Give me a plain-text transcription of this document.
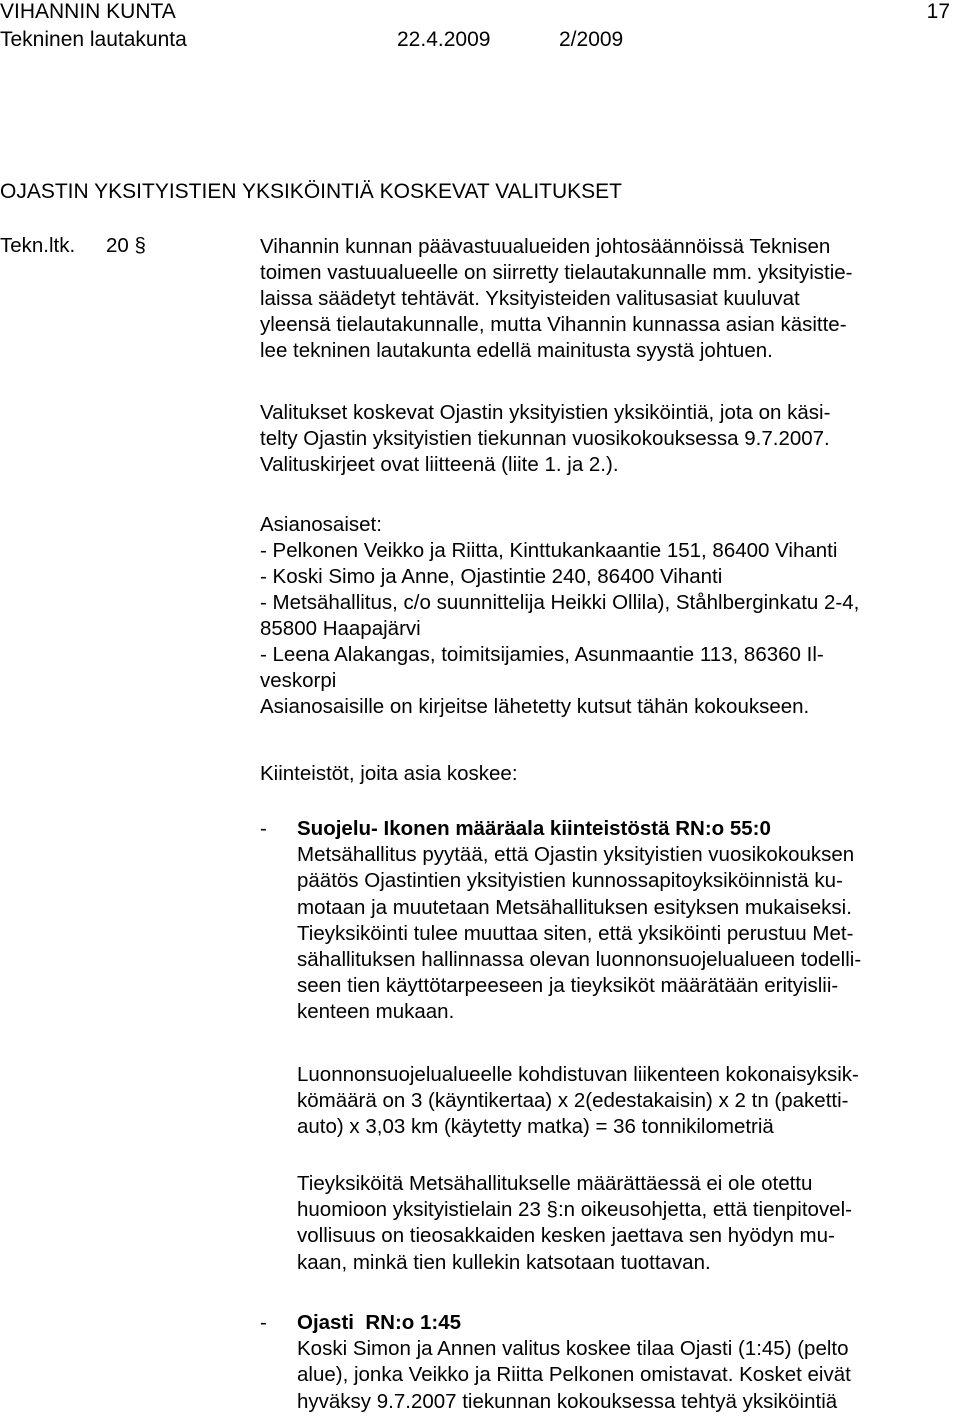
VIHANNIN KUNTA	17
Tekninen lautakunta	22.4.2009	2/2009
OJASTIN YKSITYISTIEN YKSIKÖINTIÄ KOSKEVAT VALITUKSET
Tekn.ltk. 20 §	Vihannin kunnan päävastuualueiden johtosäännöissä Teknisen
toimen vastuualueelle on siirretty tielautakunnalle mm. yksityistie-
laissa säädetyt tehtävät. Yksityisteiden valitusasiat kuuluvat
yleensä tielautakunnalle, mutta Vihannin kunnassa asian käsitte-
lee tekninen lautakunta edellä mainitusta syystä johtuen.
Valitukset koskevat Ojastin yksityistien yksiköintiä, jota on käsi-
telty Ojastin yksityistien tiekunnan vuosikokouksessa 9.7.2007.
Valituskirjeet ovat liitteenä (liite 1. ja 2.).
Asianosaiset:
- Pelkonen Veikko ja Riitta, Kinttukankaantie 151, 86400 Vihanti
- Koski Simo ja Anne, Ojastintie 240, 86400 Vihanti
- Metsähallitus, c/o suunnittelija Heikki Ollila), Ståhlberginkatu 2-4,
85800 Haapajärvi
- Leena Alakangas, toimitsijamies, Asunmaantie 113, 86360 Il-
veskorpi
Asianosaisille on kirjeitse lähetetty kutsut tähän kokoukseen.
Kiinteistöt, joita asia koskee:
- Suojelu- Ikonen määräala kiinteistöstä RN:o 55:0
Metsähallitus pyytää, että Ojastin yksityistien vuosikokouksen
päätös Ojastintien yksityistien kunnossapitoyksiköinnistä ku-
motaan ja muutetaan Metsähallituksen esityksen mukaiseksi.
Tieyksiköinti tulee muuttaa siten, että yksiköinti perustuu Met-
sähallituksen hallinnassa olevan luonnonsuojelualueen todelli-
seen tien käyttötarpeeseen ja tieyksiköt määrätään erityislii-
kenteen mukaan.
Luonnonsuojelualueelle kohdistuvan liikenteen kokonaisyksik-
kömäärä on 3 (käyntikertaa) x 2(edestakaisin) x 2 tn (paketti-
auto) x 3,03 km (käytetty matka) = 36 tonnikilometriä
Tieyksiköitä Metsähallitukselle määrättäessä ei ole otettu
huomioon yksityistielain 23 §:n oikeusohjetta, että tienpitovel-
vollisuus on tieosakkaiden kesken jaettava sen hyödyn mu-
kaan, minkä tien kullekin katsotaan tuottavan.
- Ojasti  RN:o 1:45
Koski Simon ja Annen valitus koskee tilaa Ojasti (1:45) (pelto
alue), jonka Veikko ja Riitta Pelkonen omistavat. Kosket eivät
hyväksy 9.7.2007 tiekunnan kokouksessa tehtyä yksiköintiä
